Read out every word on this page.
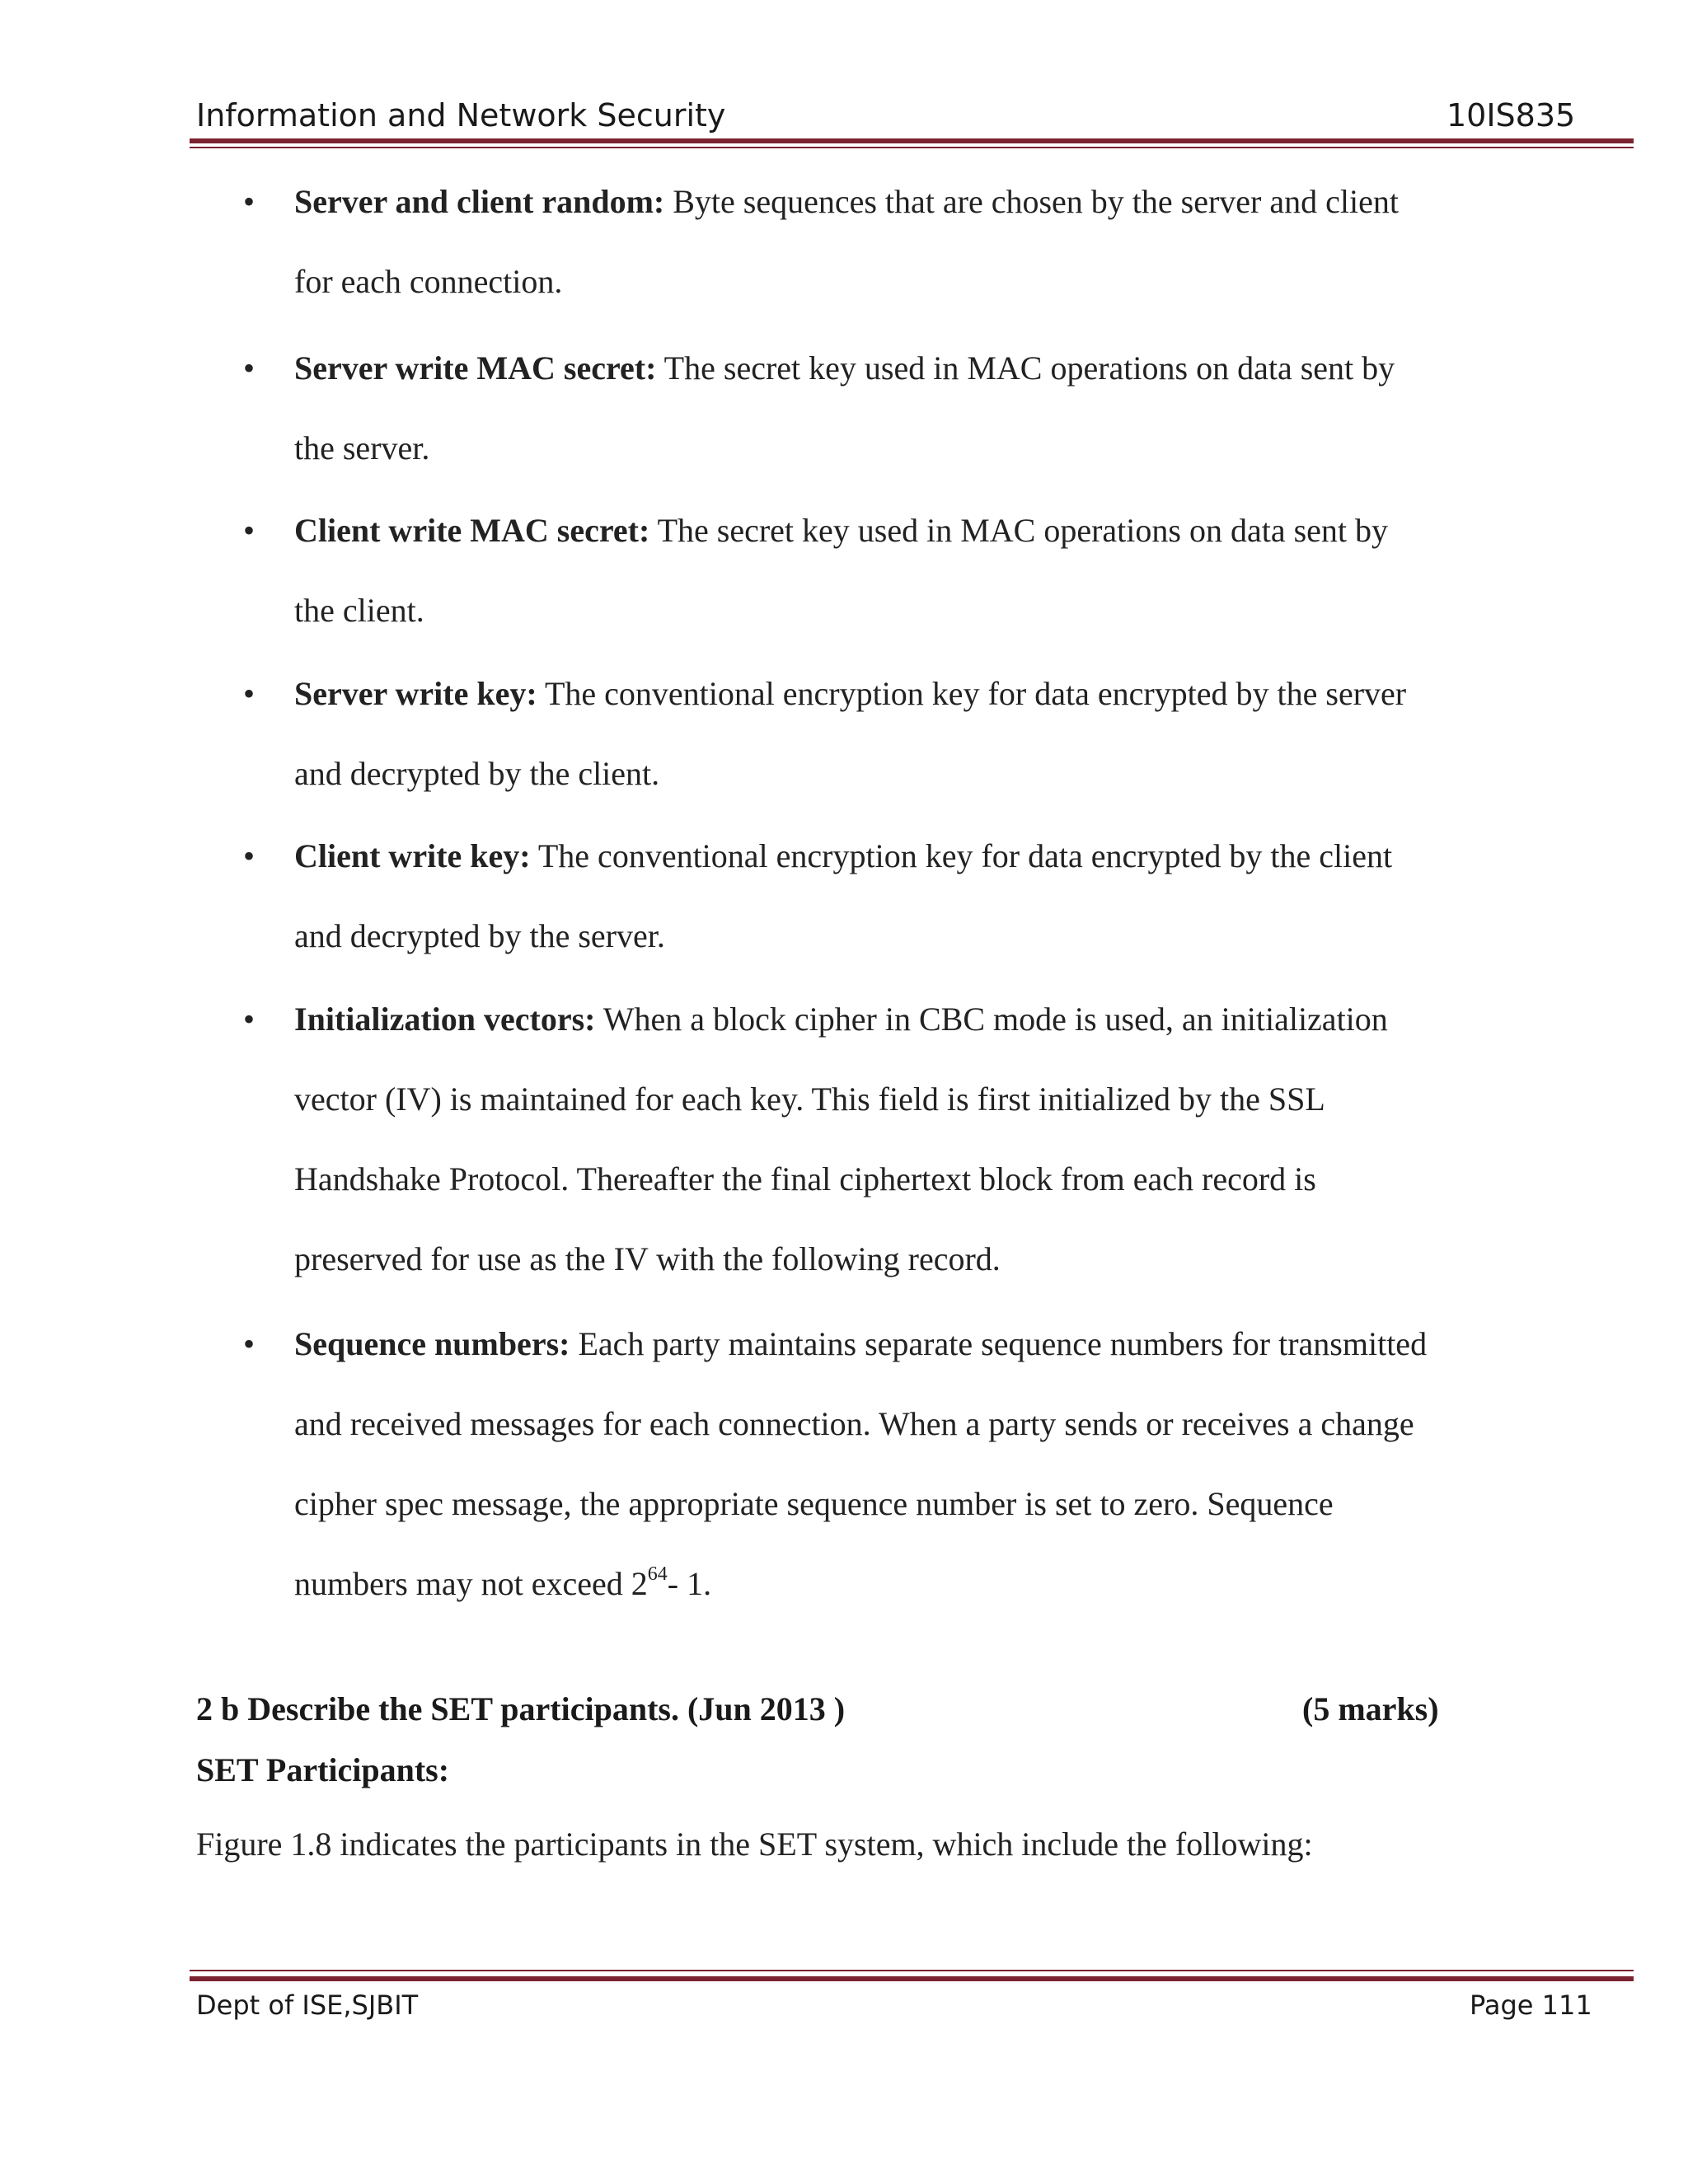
Information and Network Security	10IS835
• Server and client random: Byte sequences that are chosen by the server and client
for each connection.
• Server write MAC secret: The secret key used in MAC operations on data sent by
the server.
• Client write MAC secret: The secret key used in MAC operations on data sent by
the client.
• Server write key: The conventional encryption key for data encrypted by the server
and decrypted by the client.
• Client write key: The conventional encryption key for data encrypted by the client
and decrypted by the server.
• Initialization vectors: When a block cipher in CBC mode is used, an initialization
vector (IV) is maintained for each key. This field is first initialized by the SSL
Handshake Protocol. Thereafter the final ciphertext block from each record is
preserved for use as the IV with the following record.
• Sequence numbers: Each party maintains separate sequence numbers for transmitted
and received messages for each connection. When a party sends or receives a change
cipher spec message, the appropriate sequence number is set to zero. Sequence
numbers may not exceed $2^{64}-$ 1.
2 b Describe the SET participants. (Jun 2013 )	(5 marks)
SET Participants:
Figure 1.8 indicates the participants in the SET system, which include the following:
Dept of ISE,SJBIT	Page 111
